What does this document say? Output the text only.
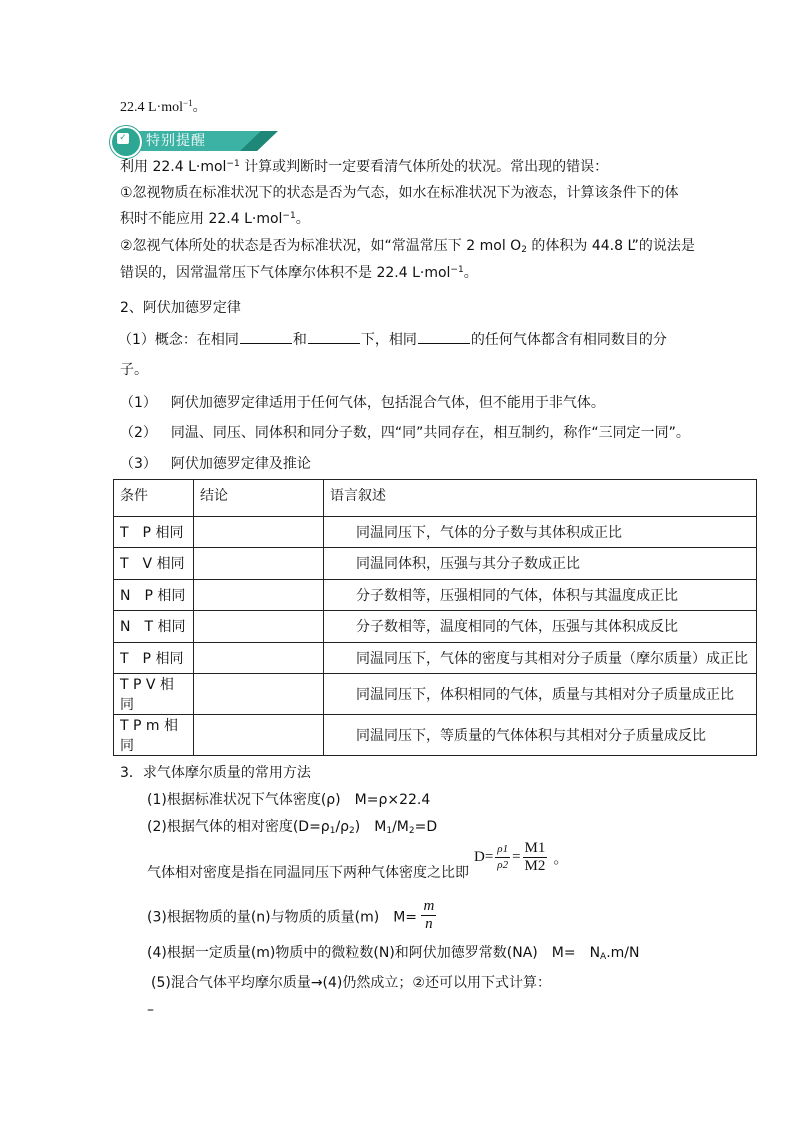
22.4 L·mol$^{-1}$。
✓ 特别提醒
利用 22.4 L·mol$^{-1}$ 计算或判断时一定要看清气体所处的状况。常出现的错误：
①忽视物质在标准状况下的状态是否为气态，如水在标准状况下为液态，计算该条件下的体
积时不能应用 22.4 L·mol$^{-1}$。
②忽视气体所处的状态是否为标准状况，如“常温常压下 2 mol $O_2$ 的体积为 44.8 L”的说法是
错误的，因常温常压下气体摩尔体积不是 22.4 L·mol$^{-1}$。
2、阿伏加德罗定律
（1）概念：在相同	和	下，相同	的任何气体都含有相同数目的分
子。
（1） 阿伏加德罗定律适用于任何气体，包括混合气体，但不能用于非气体。
（2） 同温、同压、同体积和同分子数，四“同”共同存在，相互制约，称作“三同定一同”。
（3） 阿伏加德罗定律及推论
条件	结论	语言叙述
T　P 相同		同温同压下，气体的分子数与其体积成正比
T　V 相同		同温同体积，压强与其分子数成正比
N　P 相同		分子数相等，压强相同的气体，体积与其温度成正比
N　T 相同		分子数相等，温度相同的气体，压强与其体积成反比
T　P 相同		同温同压下，气体的密度与其相对分子质量（摩尔质量）成正比
T P V 相同		同温同压下，体积相同的气体，质量与其相对分子质量成正比
T P m 相同		同温同压下，等质量的气体体积与其相对分子质量成反比
3．求气体摩尔质量的常用方法
(1)根据标准状况下气体密度(ρ)　M=ρ×22.4
(2)根据气体的相对密度$(D=\rho_1/\rho_2)$　$M_1/M_2=D$
气体相对密度是指在同温同压下两种气体密度之比即
$D= \frac{\rho 1}{\rho 2} = \frac{M1}{M2}$ 。
(3)根据物质的量(n)与物质的质量(m)　$M= \frac{m}{n}$
(4)根据一定质量(m)物质中的微粒数(N)和阿伏加德罗常数(NA)　M=　$N_A.m/N$
(5)混合气体平均摩尔质量→(4)仍然成立；②还可以用下式计算：
–
